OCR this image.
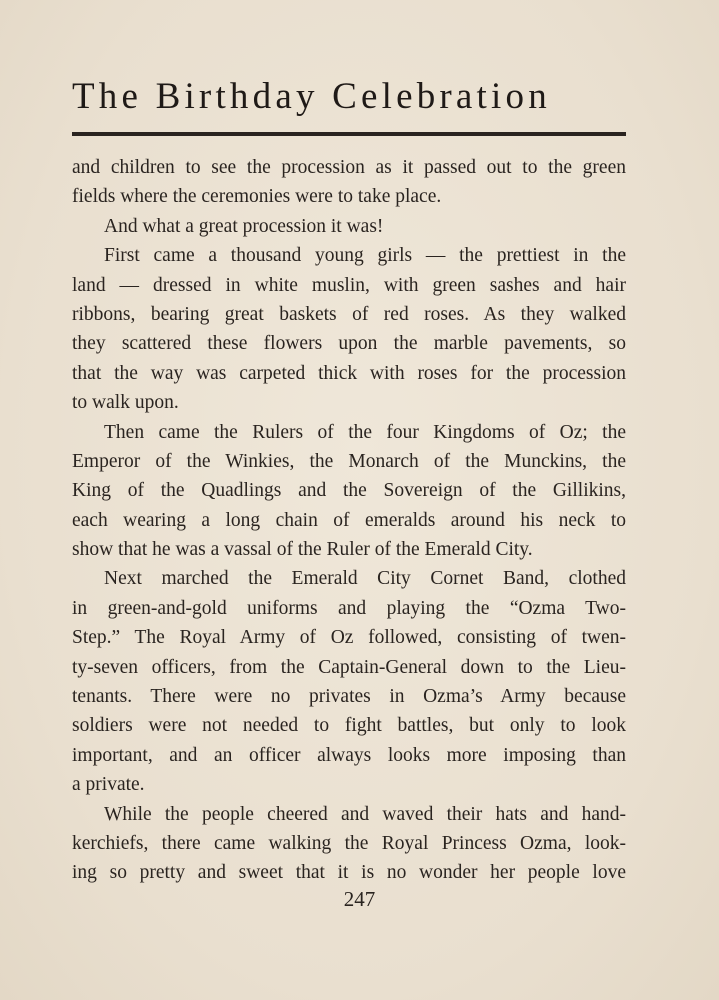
The Birthday Celebration
and children to see the procession as it passed out to the green
fields where the ceremonies were to take place.
And what a great procession it was!
First came a thousand young girls — the prettiest in the
land — dressed in white muslin, with green sashes and hair
ribbons, bearing great baskets of red roses. As they walked
they scattered these flowers upon the marble pavements, so
that the way was carpeted thick with roses for the procession
to walk upon.
Then came the Rulers of the four Kingdoms of Oz; the
Emperor of the Winkies, the Monarch of the Munckins, the
King of the Quadlings and the Sovereign of the Gillikins,
each wearing a long chain of emeralds around his neck to
show that he was a vassal of the Ruler of the Emerald City.
Next marched the Emerald City Cornet Band, clothed
in green-and-gold uniforms and playing the “Ozma Two-
Step.” The Royal Army of Oz followed, consisting of twen-
ty-seven officers, from the Captain-General down to the Lieu-
tenants. There were no privates in Ozma’s Army because
soldiers were not needed to fight battles, but only to look
important, and an officer always looks more imposing than
a private.
While the people cheered and waved their hats and hand-
kerchiefs, there came walking the Royal Princess Ozma, look-
ing so pretty and sweet that it is no wonder her people love
247
